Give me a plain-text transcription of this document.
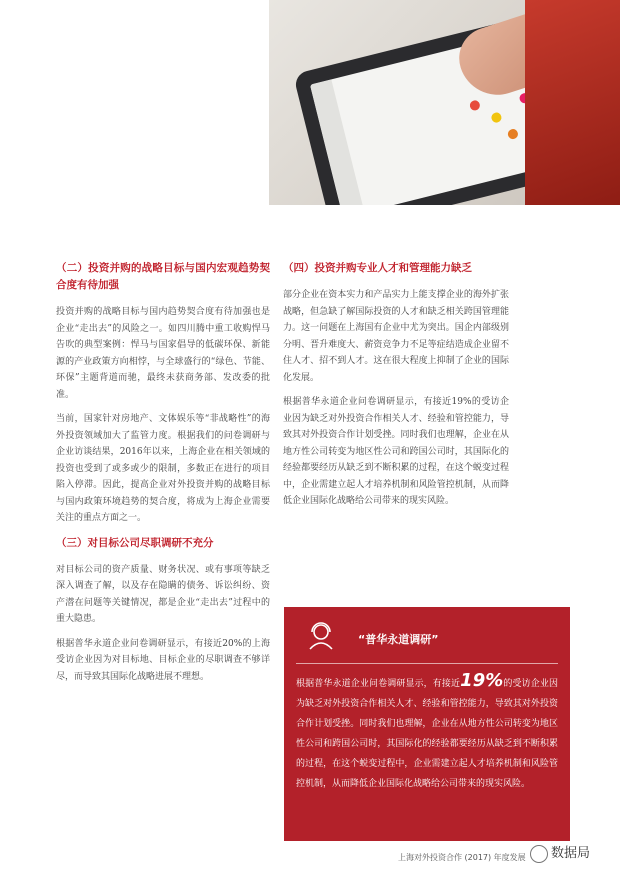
（二）投资并购的战略目标与国内宏观趋势契合度有待加强

投资并购的战略目标与国内趋势契合度有待加强也是企业“走出去”的风险之一。如四川腾中重工收购悍马告吹的典型案例：悍马与国家倡导的低碳环保、新能源的产业政策方向相悖，与全球盛行的“绿色、节能、环保”主题背道而驰，最终未获商务部、发改委的批准。

当前，国家针对房地产、文体娱乐等“非战略性”的海外投资领域加大了监管力度。根据我们的问卷调研与企业访谈结果，2016年以来，上海企业在相关领域的投资也受到了或多或少的限制，多数正在进行的项目陷入停滞。因此，提高企业对外投资并购的战略目标与国内政策环境趋势的契合度，将成为上海企业需要关注的重点方面之一。

（三）对目标公司尽职调研不充分

对目标公司的资产质量、财务状况、或有事项等缺乏深入调查了解，以及存在隐瞒的债务、诉讼纠纷、资产潜在问题等关键情况，都是企业“走出去”过程中的重大隐患。

根据普华永道企业问卷调研显示，有接近20%的上海受访企业因为对目标地、目标企业的尽职调查不够详尽，而导致其国际化战略进展不理想。

（四）投资并购专业人才和管理能力缺乏

部分企业在资本实力和产品实力上能支撑企业的海外扩张战略，但急缺了解国际投资的人才和缺乏相关跨国管理能力。这一问题在上海国有企业中尤为突出。国企内部级别分明、晋升难度大、薪资竞争力不足等症结造成企业留不住人才、招不到人才。这在很大程度上抑制了企业的国际化发展。

根据普华永道企业问卷调研显示，有接近19%的受访企业因为缺乏对外投资合作相关人才、经验和管控能力，导致其对外投资合作计划受挫。同时我们也理解，企业在从地方性公司转变为地区性公司和跨国公司时，其国际化的经验都要经历从缺乏到不断积累的过程，在这个蜕变过程中，企业需建立起人才培养机制和风险管控机制，从而降低企业国际化战略给公司带来的现实风险。

“普华永道调研”
根据普华永道企业问卷调研显示，有接近19%的受访企业因为缺乏对外投资合作相关人才、经验和管控能力，导致其对外投资合作计划受挫。同时我们也理解，企业在从地方性公司转变为地区性公司和跨国公司时，其国际化的经验都要经历从缺乏到不断积累的过程，在这个蜕变过程中，企业需建立起人才培养机制和风险管控机制，从而降低企业国际化战略给公司带来的现实风险。
上海对外投资合作 (2017) 年度发展	数据局
